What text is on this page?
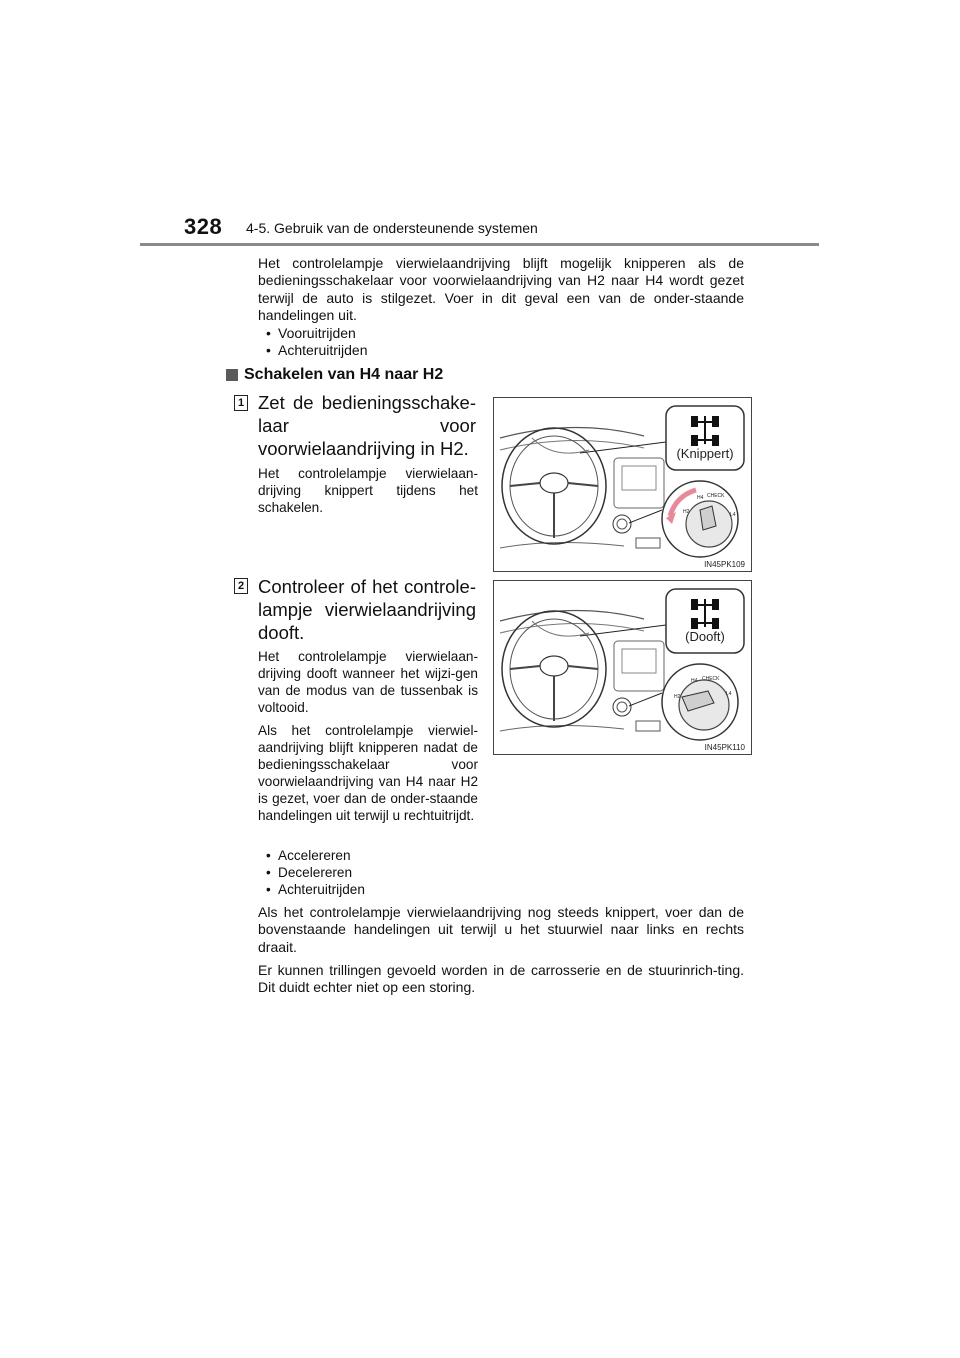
328 4-5. Gebruik van de ondersteunende systemen

Het controlelampje vierwielaandrijving blijft mogelijk knipperen als de bedieningsschakelaar voor voorwielaandrijving van H2 naar H4 wordt gezet terwijl de auto is stilgezet. Voer in dit geval een van de onder-staande handelingen uit.

• Vooruitrijden
• Achteruitrijden
Schakelen van H4 naar H2
1 Zet de bedieningsschake-laar voor voorwielaandrijving in H2.

Het controlelampje vierwielaan-drijving knippert tijdens het schakelen.

H4 CHECK
L4
H2
(Knippert)
IN45PK109
2 Controleer of het controle-lampje vierwielaandrijving dooft.

Het controlelampje vierwielaan-drijving dooft wanneer het wijzi-gen van de modus van de tussenbak is voltooid.

Als het controlelampje vierwiel-aandrijving blijft knipperen nadat de bedieningsschakelaar voor voorwielaandrijving van H4 naar H2 is gezet, voer dan de onder-staande handelingen uit terwijl u rechtuitrijdt.

• Accelereren
• Decelereren
• Achteruitrijden
H4 CHECK
L4
H2
(Dooft)
IN45PK110

Als het controlelampje vierwielaandrijving nog steeds knippert, voer dan de bovenstaande handelingen uit terwijl u het stuurwiel naar links en rechts draait.

Er kunnen trillingen gevoeld worden in de carrosserie en de stuurinrich-ting. Dit duidt echter niet op een storing.
